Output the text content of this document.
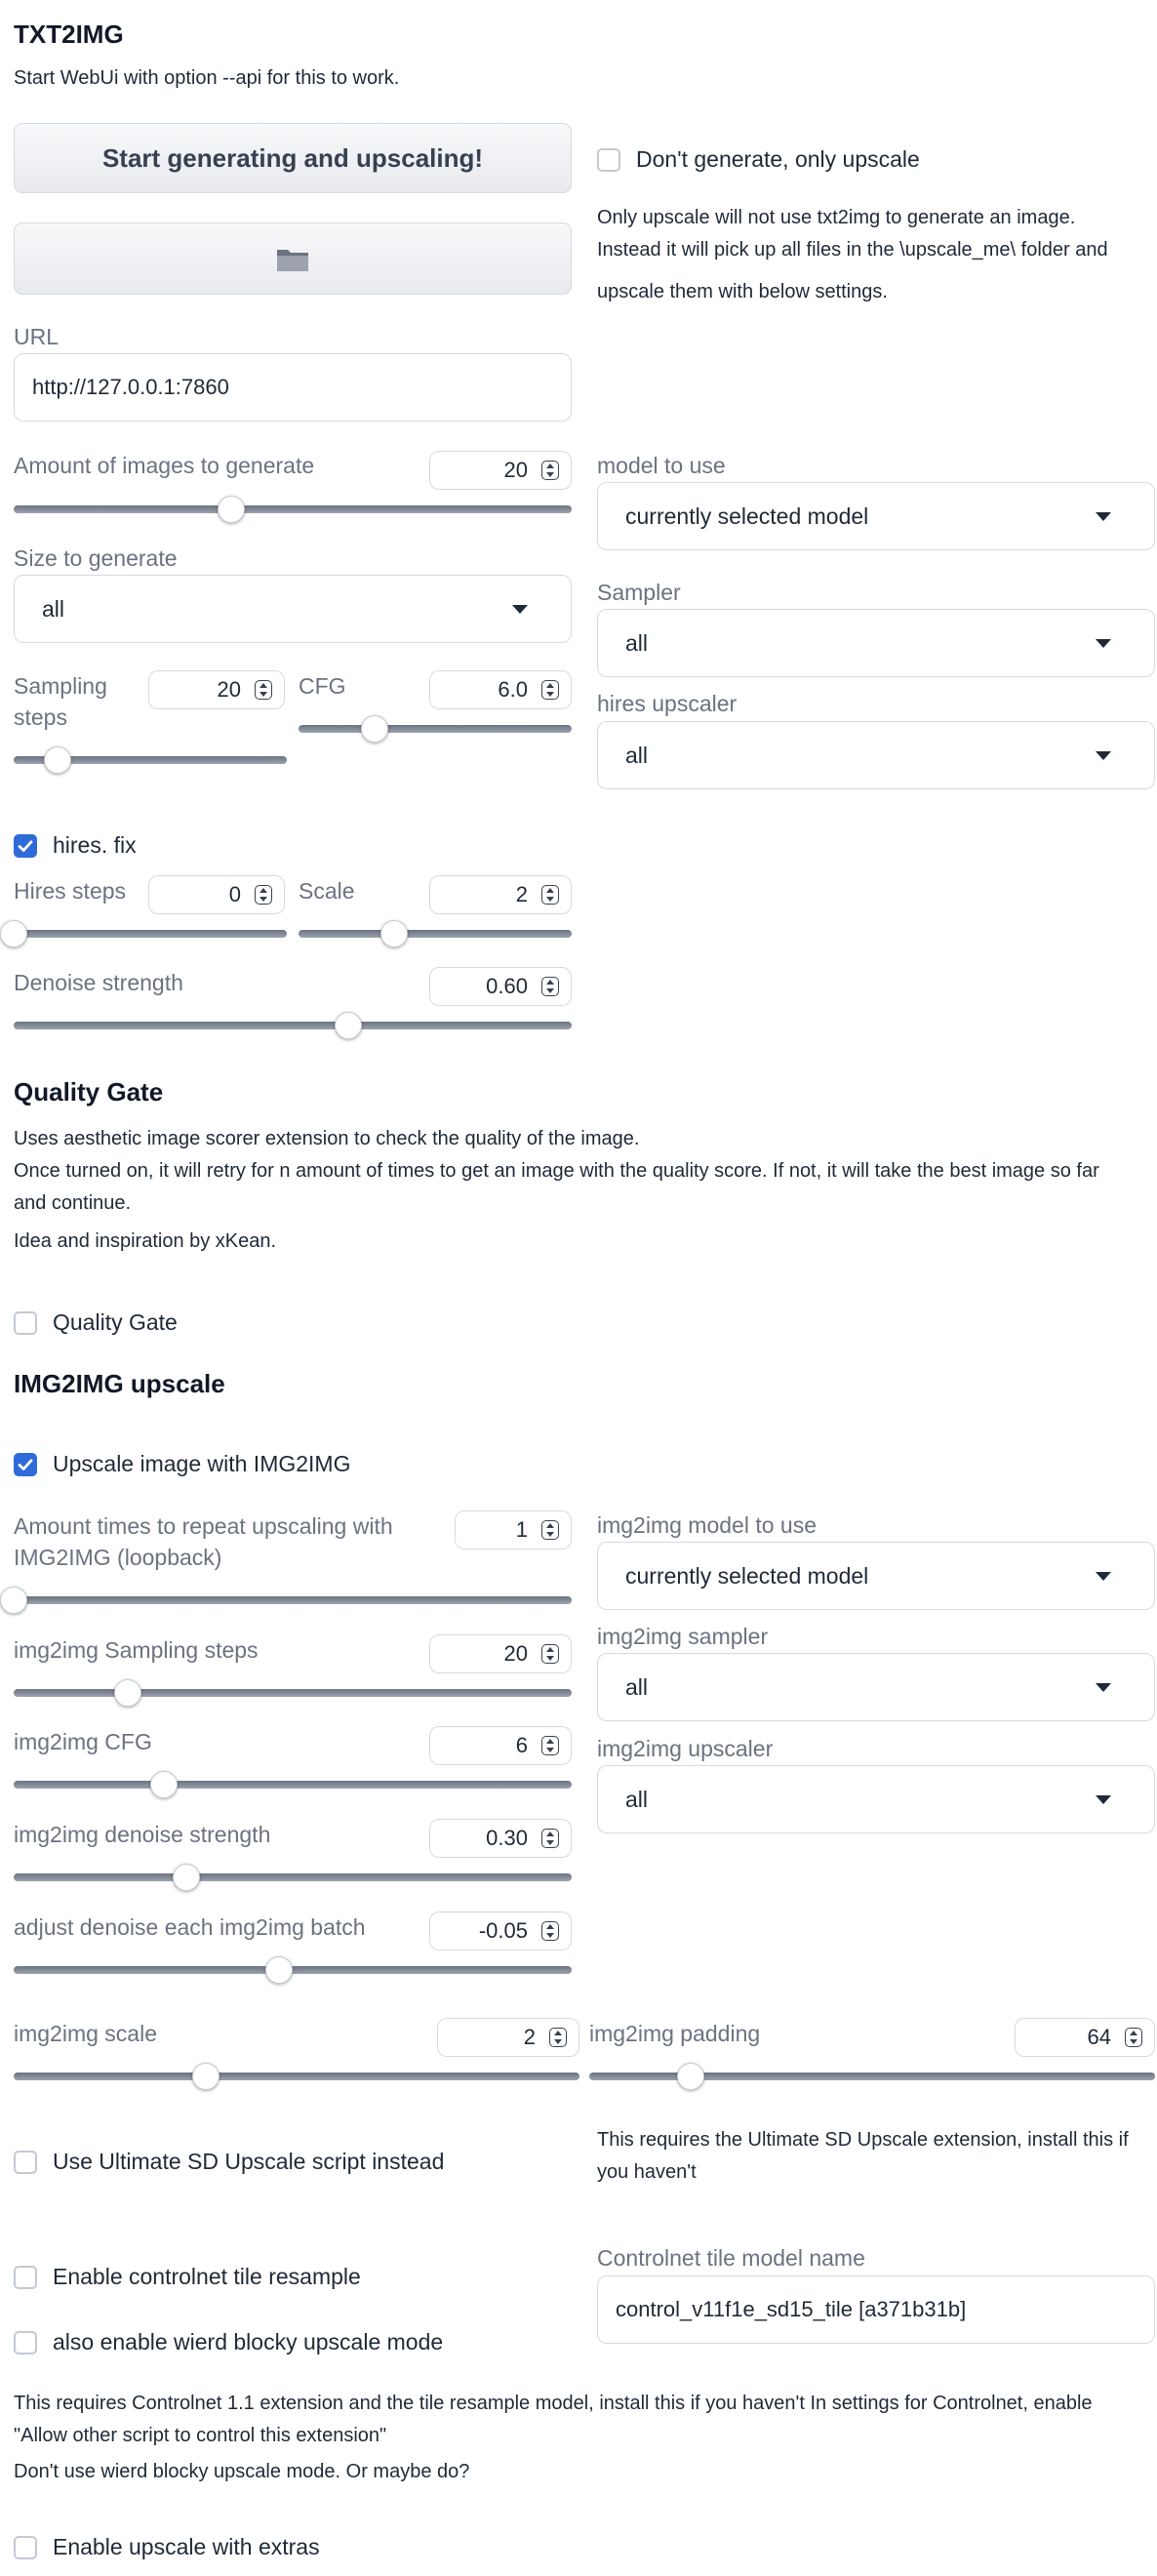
TXT2IMG
Start WebUi with option --api for this to work.
Start generating and upscaling!	Don't generate, only upscale
Only upscale will not use txt2img to generate an image.
Instead it will pick up all files in the \upscale_me\ folder and
upscale them with below settings.
URL
http://127.0.0.1:7860
Amount of images to generate	20	model to use
currently selected model
Size to generate
all
Sampler
all
Sampling
steps
20	CFG	6.0
hires upscaler
all
hires. fix
Hires steps	0	Scale	2
Denoise strength	0.60
Quality Gate
Uses aesthetic image scorer extension to check the quality of the image.
Once turned on, it will retry for n amount of times to get an image with the quality score. If not, it will take the best image so far
and continue.
Idea and inspiration by xKean.
Quality Gate
IMG2IMG upscale
Upscale image with IMG2IMG
Amount times to repeat upscaling with
IMG2IMG (loopback)
1	img2img model to use
currently selected model
img2img Sampling steps	20
img2img sampler
all
img2img CFG	6	img2img upscaler
all
img2img denoise strength	0.30
adjust denoise each img2img batch	-0.05
img2img scale	2 img2img padding	64
Use Ultimate SD Upscale script instead
This requires the Ultimate SD Upscale extension, install this if
you haven't
Enable controlnet tile resample
Controlnet tile model name
control_v11f1e_sd15_tile [a371b31b]
also enable wierd blocky upscale mode
This requires Controlnet 1.1 extension and the tile resample model, install this if you haven't In settings for Controlnet, enable
"Allow other script to control this extension"
Don't use wierd blocky upscale mode. Or maybe do?
Enable upscale with extras
